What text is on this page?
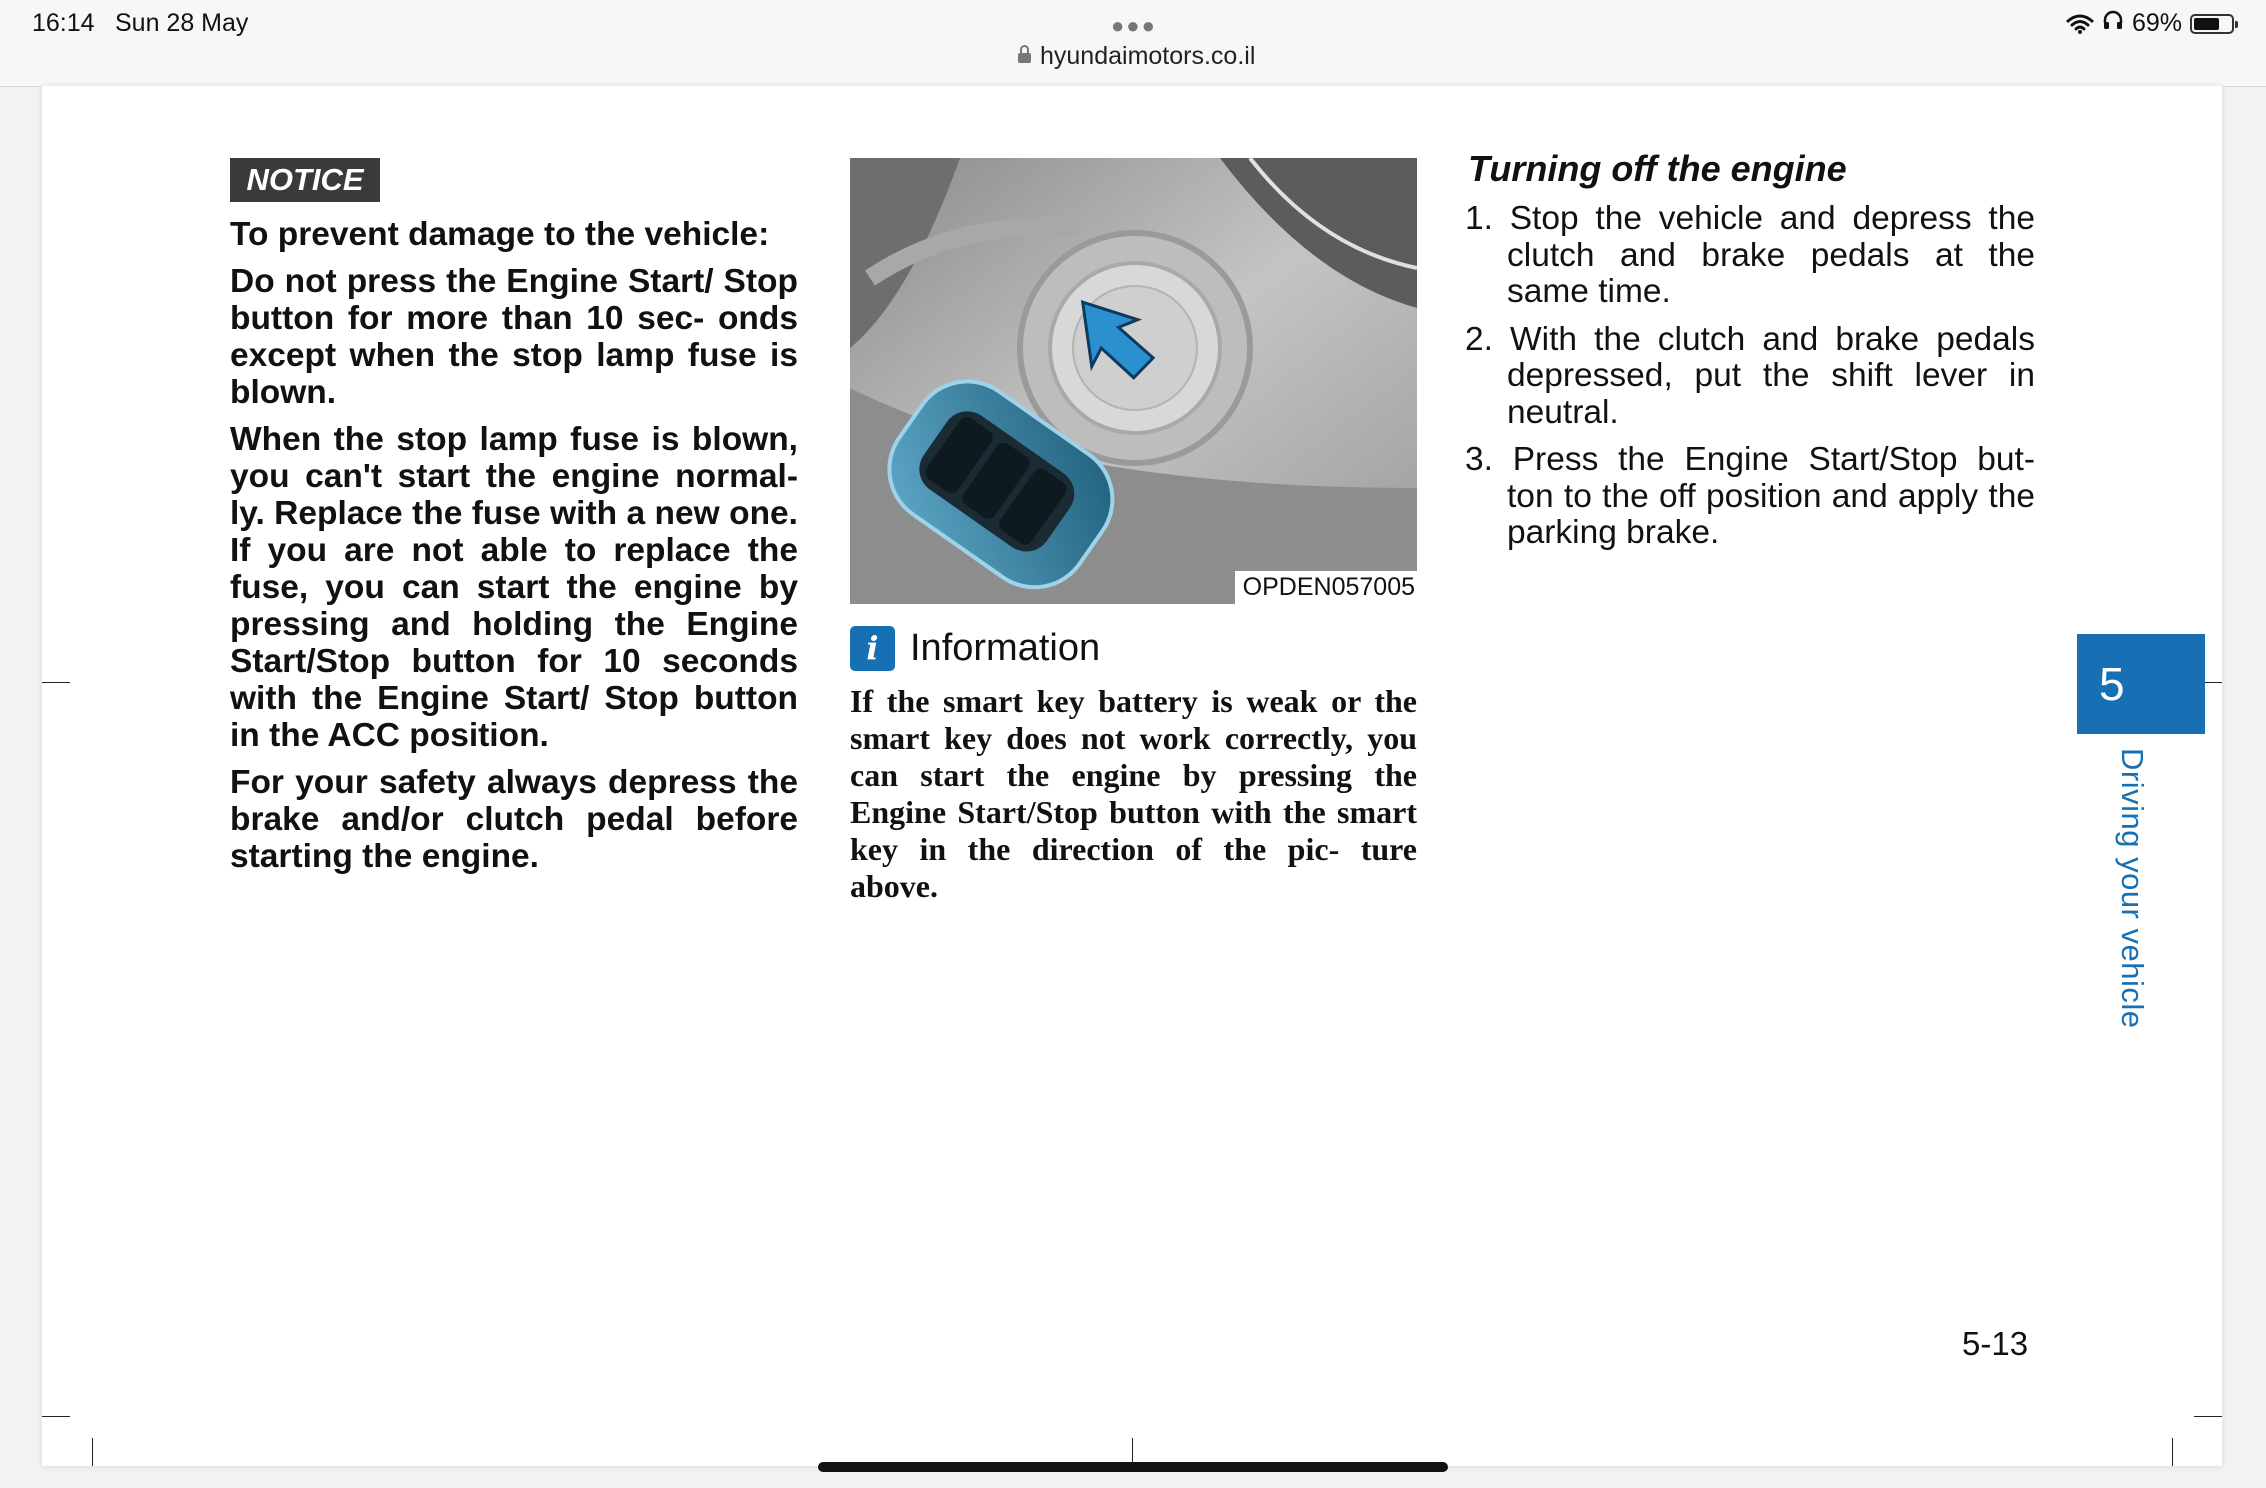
16:14 Sun 28 May	●●●
hyundaimotors.co.il
69%
NOTICE

To prevent damage to the vehicle:

Do not press the Engine Start/ Stop button for more than 10 sec- onds except when the stop lamp fuse is blown.

When the stop lamp fuse is blown, you can't start the engine normal- ly. Replace the fuse with a new one. If you are not able to replace the fuse, you can start the engine by pressing and holding the Engine Start/Stop button for 10 seconds with the Engine Start/ Stop button in the ACC position.

For your safety always depress the brake and/or clutch pedal before starting the engine.

OPDEN057005
i Information
If the smart key battery is weak or the smart key does not work correctly, you can start the engine by pressing the Engine Start/Stop button with the smart key in the direction of the pic- ture above.
Turning off the engine
1. Stop the vehicle and depress the clutch and brake pedals at the same time.
2. With the clutch and brake pedals depressed, put the shift lever in neutral.
3. Press the Engine Start/Stop but- ton to the off position and apply the parking brake.
5
Driving your vehicle
5-13
